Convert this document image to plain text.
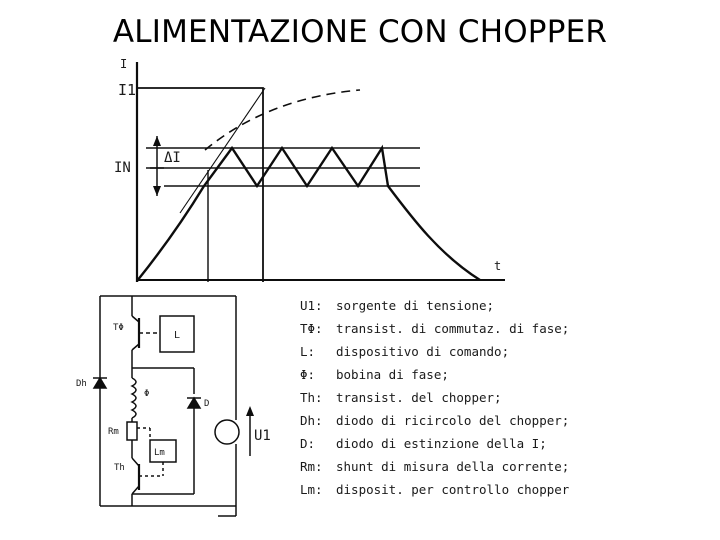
ALIMENTAZIONE CON CHOPPER
I
I1
IN
ΔI
t
TΦ
L
Dh
Φ
D
Rm
Lm
Th
U1
U1: sorgente di tensione;
TΦ: transist. di commutaz. di fase;
L: dispositivo di comando;
Φ: bobina di fase;
Th: transist. del chopper;
Dh: diodo di ricircolo del chopper;
D: diodo di estinzione della I;
Rm: shunt di misura della corrente;
Lm: disposit. per controllo chopper
